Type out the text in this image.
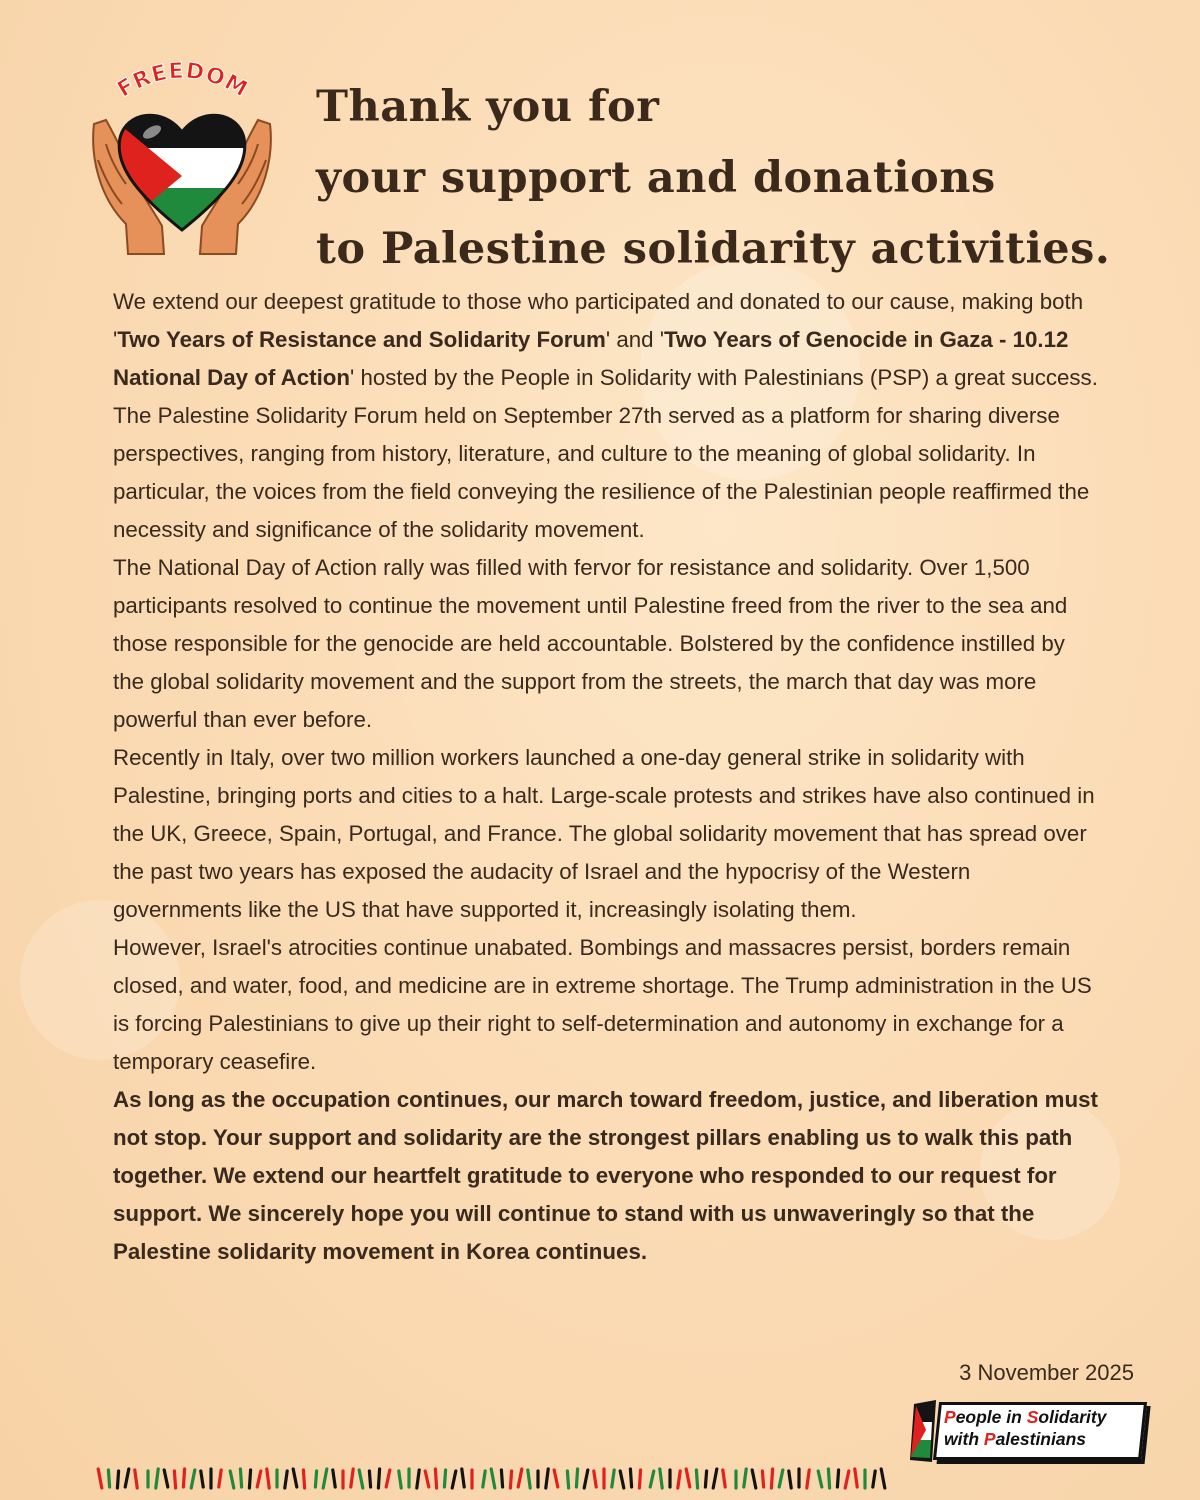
FREEDOM Thank you for
your support and donations
to Palestine solidarity activities.

We extend our deepest gratitude to those who participated and donated to our cause, making both 'Two Years of Resistance and Solidarity Forum' and 'Two Years of Genocide in Gaza - 10.12 National Day of Action' hosted by the People in Solidarity with Palestinians (PSP) a great success.

The Palestine Solidarity Forum held on September 27th served as a platform for sharing diverse perspectives, ranging from history, literature, and culture to the meaning of global solidarity. In particular, the voices from the field conveying the resilience of the Palestinian people reaffirmed the necessity and significance of the solidarity movement.

The National Day of Action rally was filled with fervor for resistance and solidarity. Over 1,500 participants resolved to continue the movement until Palestine freed from the river to the sea and those responsible for the genocide are held accountable. Bolstered by the confidence instilled by the global solidarity movement and the support from the streets, the march that day was more powerful than ever before.

Recently in Italy, over two million workers launched a one-day general strike in solidarity with Palestine, bringing ports and cities to a halt. Large-scale protests and strikes have also continued in the UK, Greece, Spain, Portugal, and France. The global solidarity movement that has spread over the past two years has exposed the audacity of Israel and the hypocrisy of the Western governments like the US that have supported it, increasingly isolating them.

However, Israel's atrocities continue unabated. Bombings and massacres persist, borders remain closed, and water, food, and medicine are in extreme shortage. The Trump administration in the US is forcing Palestinians to give up their right to self-determination and autonomy in exchange for a temporary ceasefire.

As long as the occupation continues, our march toward freedom, justice, and liberation must not stop. Your support and solidarity are the strongest pillars enabling us to walk this path together. We extend our heartfelt gratitude to everyone who responded to our request for support. We sincerely hope you will continue to stand with us unwaveringly so that the Palestine solidarity movement in Korea continues.

3 November 2025
People in Solidarity
with Palestinians
